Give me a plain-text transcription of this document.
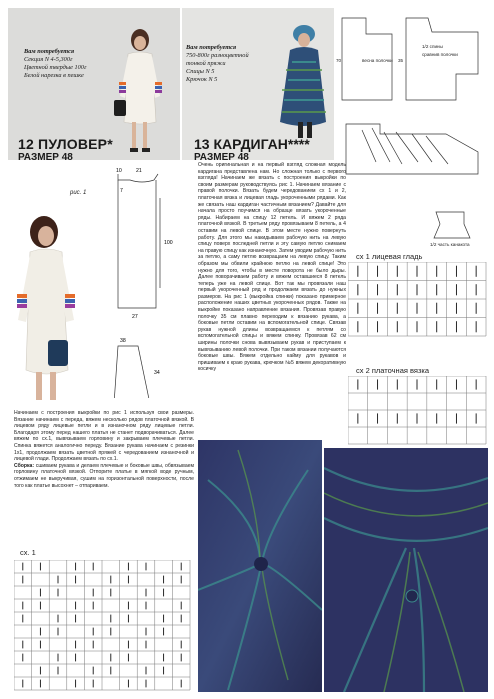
Вам потребуется
Секция N 4-5,300г
Цветной твердые 100г
Белой нарезка в пешке
12 ПУЛОВЕР*
РАЗМЕР 48
Вам потребуется
750-800г разноцветной
тонкой пряжи
Спицы N 5
Крючок N 5
13 КАРДИГАН****
РАЗМЕР 48
весна полочки
1/2 спины
сравнив полочки
70	35
1/2 часть канакота
10	21
7
100
27
38
34
рис. 1
Очень оригинальная и на первый взгляд сложная модель кардигана представлена нам. Но сложная только с первого взгляда! Начинаем же вязать с построения выкройки по своим размерам руководствуясь рис 1. Начинаем вязание с правой полочки. Вязать будем чередованием сх 1 и 2, платочная вязка и лицевая гладь укороченными рядами. Как же связать наш кардиган частичным вязанием? Давайте для начала просто поучимся на образце вязать укороченные ряды. Набираем на спицу 12 петель. И вяжем 2 ряда платочной вязкой. В третьем ряду провязываем 8 петель, а 4 оставим на левой спице. В этом месте нужно повернуть работу. Для этого мы накидываем рабочую нить на левую спицу поверх последней петли и эту самую петлю снимаем на правую спицу как изнаночную. Затем уводим рабочую нить за петлю, а саму петлю возвращаем на левую спицу. Таким образом мы обвили крайнюю петлю на левой спице! Это нужно для того, чтобы в месте поворота не было дыры. Далее поворачиваем работу и вяжем оставшиеся 8 петель теперь уже на левой спице. Вот так мы провязали наш первый укороченный ряд и продолжаем вязать до нужных размеров. На рис 1 (выкройка спинки) показано примерное расположение наших цветных укороченных рядов. Также на выкройке показано направление вязания. Провязав правую полочку 35 см плавно переходим к вязанию рукава, а боковые петли оставим на вспомогательной спице. Связав рукав нужной длины возвращаемся к петлям со вспомогательной спицы и вяжем спинку. Провязав 62 см ширины полочки снова вывязываем рукав и приступаем к вывязыванию левой полочки. При таком вязании получаются боковые швы. Вяжем отдельно кайму для рукавов и пришиваем к краю рукава, крючком №5 вяжем декоративную косичку
Начинаем с построения выкройки по рис 1 используя свои размеры. Вязание начинаем с переда, вяжем несколько рядов платочной вязкой. В лицевом ряду лицевые петли и в изнаночном ряду лицевые петли. Благодаря этому перед нашего платья не станет подворачиваться. Далее вяжем по сх.1, вывязываем горловину и закрываем плечевые петли. Спинка вяжется аналогично переду. Вязание рукава начинаем с резинки 1х1, продолжаем вязать цветной пряжей с чередованием изнаночной и лицевой глади. Продолжаем вязать по сх.1.
Сборка: сшиваем рукава и делаем плечевые и боковые швы, обвязываем горловину платочной вязкой. Отпорите платье в мягкой воде ручным, отжимаем не выкручивая, сушим на горизонтальной поверхности, после того как платье высохнет – отпариваем.
сх 1 лицевая гладь
сх 2 платочная вязка
сх. 1
